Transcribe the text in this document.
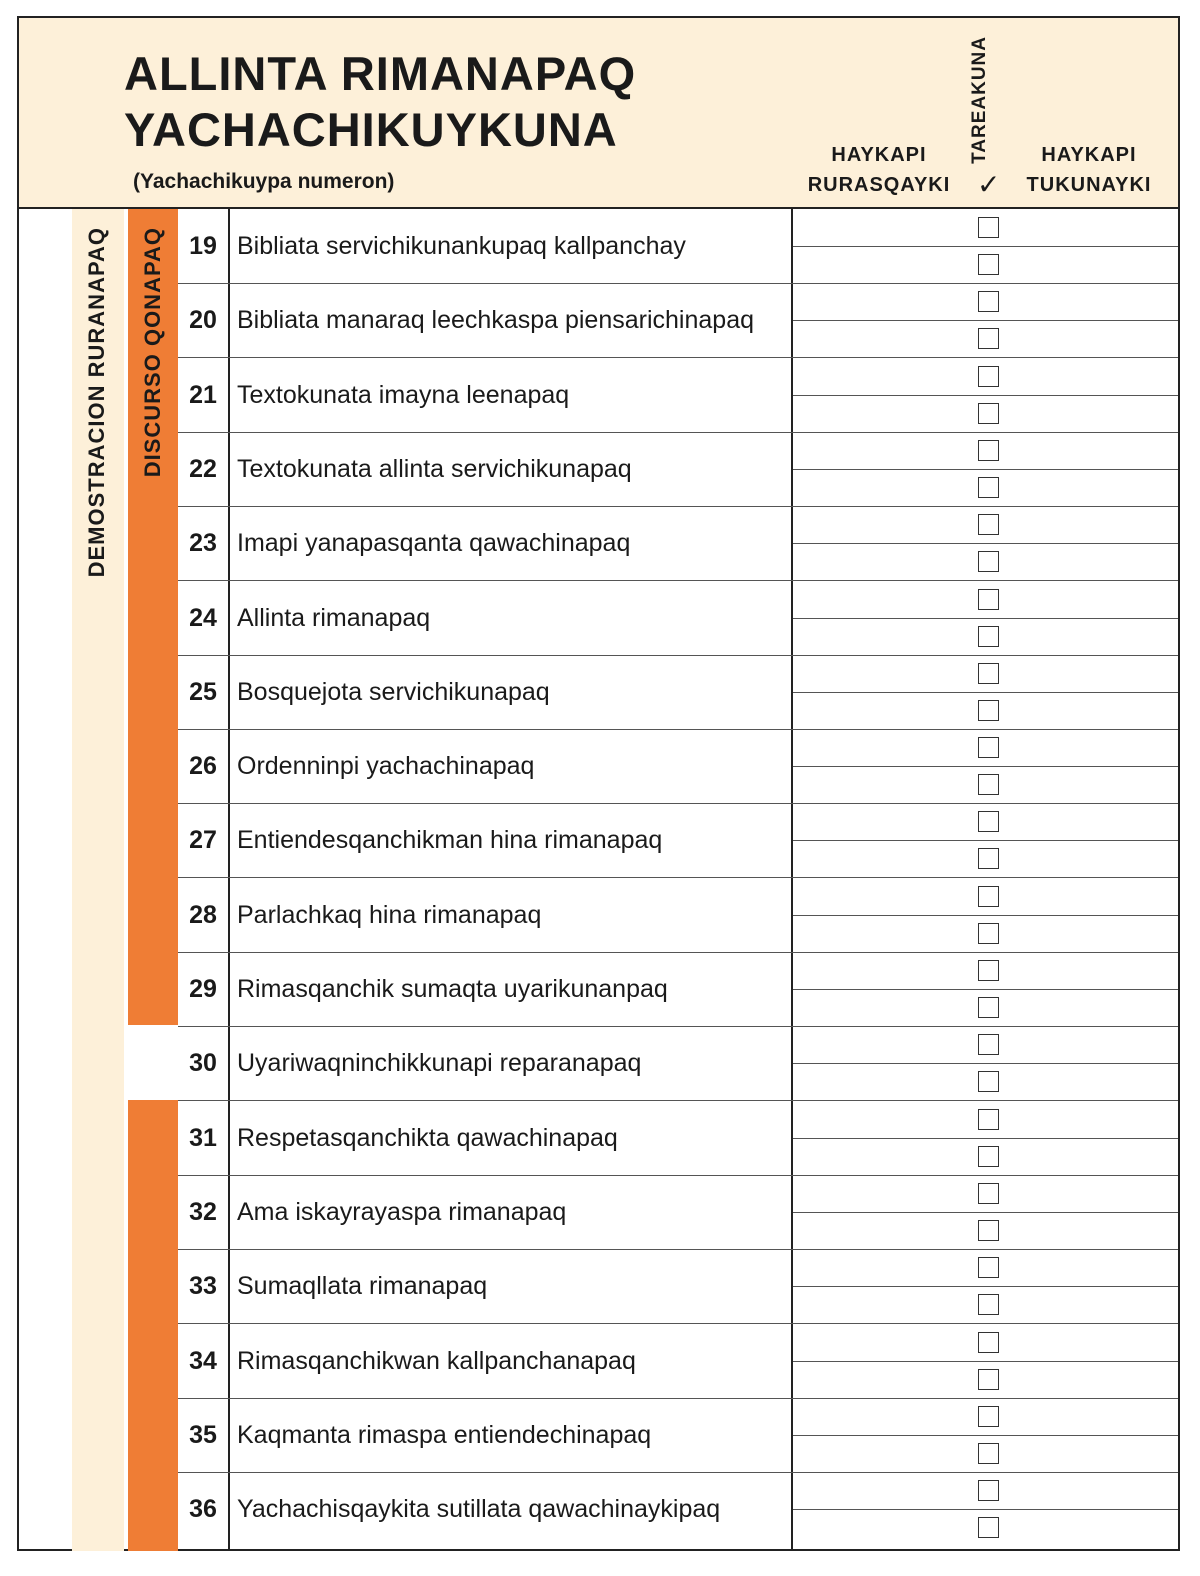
ALLINTA RIMANAPAQ
YACHACHIKUYKUNA
(Yachachikuypa numeron)
HAYKAPI
RURASQAYKI
TAREAKUNA
✓
HAYKAPI
TUKUNAYKI
DEMOSTRACION RURANAPAQ DISCURSO QONAPAQ 19 Bibliata servichikunankupaq kallpanchay
20 Bibliata manaraq leechkaspa piensarichinapaq
21 Textokunata imayna leenapaq
22 Textokunata allinta servichikunapaq
23 Imapi yanapasqanta qawachinapaq
24 Allinta rimanapaq
25 Bosquejota servichikunapaq
26 Ordenninpi yachachinapaq
27 Entiendesqanchikman hina rimanapaq
28 Parlachkaq hina rimanapaq
29 Rimasqanchik sumaqta uyarikunanpaq
30 Uyariwaqninchikkunapi reparanapaq
31 Respetasqanchikta qawachinapaq
32 Ama iskayrayaspa rimanapaq
33 Sumaqllata rimanapaq
34 Rimasqanchikwan kallpanchanapaq
35 Kaqmanta rimaspa entiendechinapaq
36 Yachachisqaykita sutillata qawachinaykipaq
